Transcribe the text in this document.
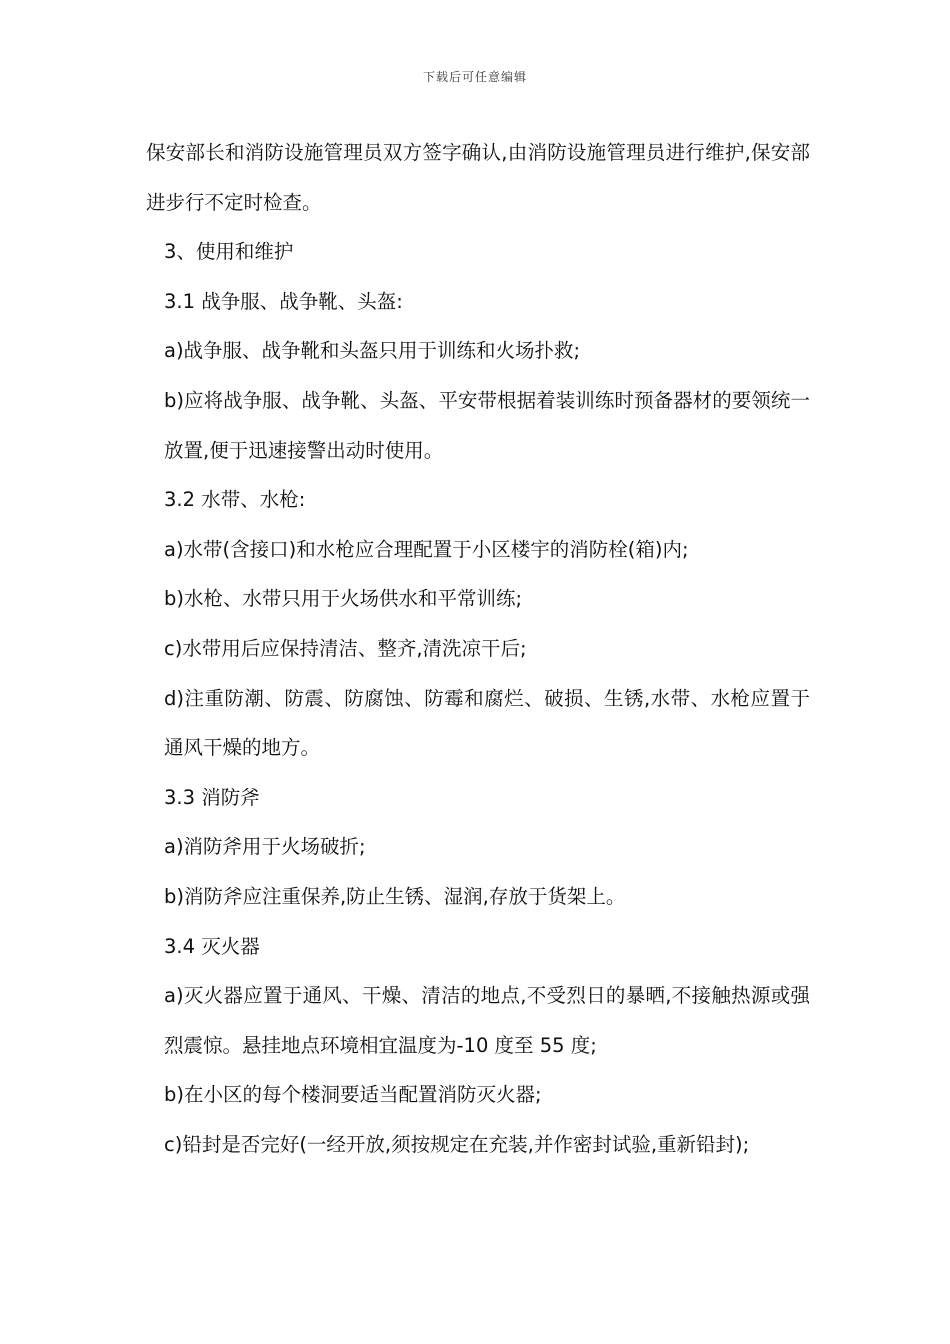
下载后可任意编辑

保安部长和消防设施管理员双方签字确认,由消防设施管理员进行维护,保安部进步行不定时检查。

3、使用和维护

3.1 战争服、战争靴、头盔:

a)战争服、战争靴和头盔只用于训练和火场扑救;

b)应将战争服、战争靴、头盔、平安带根据着装训练时预备器材的要领统一放置,便于迅速接警出动时使用。

3.2 水带、水枪:

a)水带(含接口)和水枪应合理配置于小区楼宇的消防栓(箱)内;

b)水枪、水带只用于火场供水和平常训练;

c)水带用后应保持清洁、整齐,清洗凉干后;

d)注重防潮、防震、防腐蚀、防霉和腐烂、破损、生锈,水带、水枪应置于通风干燥的地方。

3.3 消防斧

a)消防斧用于火场破折;

b)消防斧应注重保养,防止生锈、湿润,存放于货架上。

3.4 灭火器

a)灭火器应置于通风、干燥、清洁的地点,不受烈日的暴晒,不接触热源或强烈震惊。悬挂地点环境相宜温度为-10 度至 55 度;

b)在小区的每个楼洞要适当配置消防灭火器;

c)铅封是否完好(一经开放,须按规定在充装,并作密封试验,重新铅封);
